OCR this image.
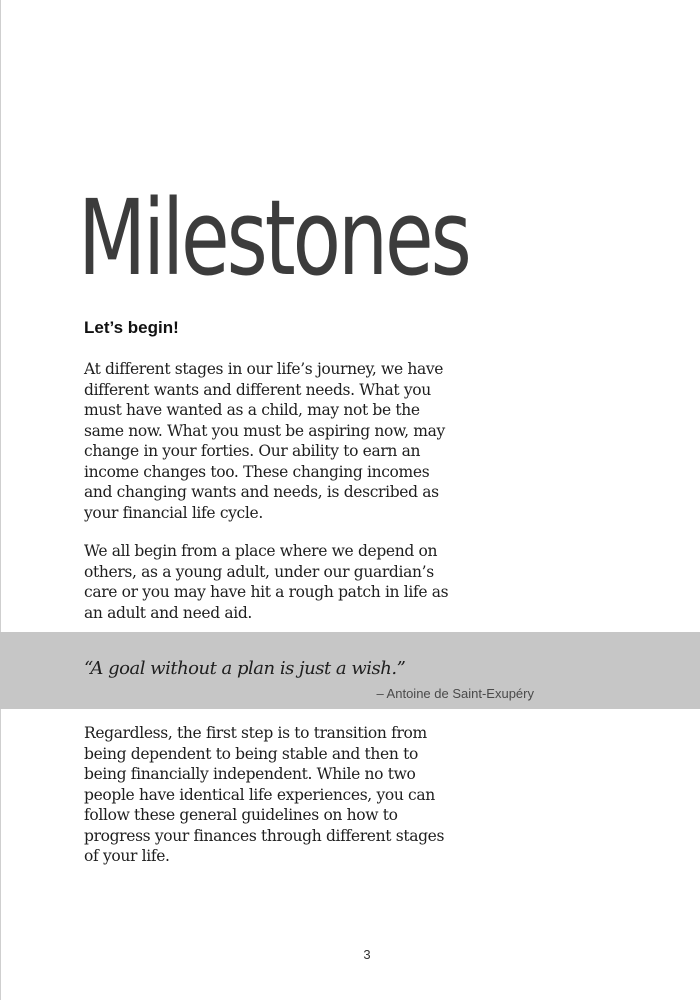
Milestones
Let’s begin!

At different stages in our life’s journey, we have different wants and different needs. What you must have wanted as a child, may not be the same now. What you must be aspiring now, may change in your forties. Our ability to earn an income changes too. These changing incomes and changing wants and needs, is described as your financial life cycle.

We all begin from a place where we depend on others, as a young adult, under our guardian’s care or you may have hit a rough patch in life as an adult and need aid.

“A goal without a plan is just a wish.”

– Antoine de Saint-Exupéry

Regardless, the first step is to transition from being dependent to being stable and then to being financially independent. While no two people have identical life experiences, you can follow these general guidelines on how to progress your finances through different stages of your life.

3
